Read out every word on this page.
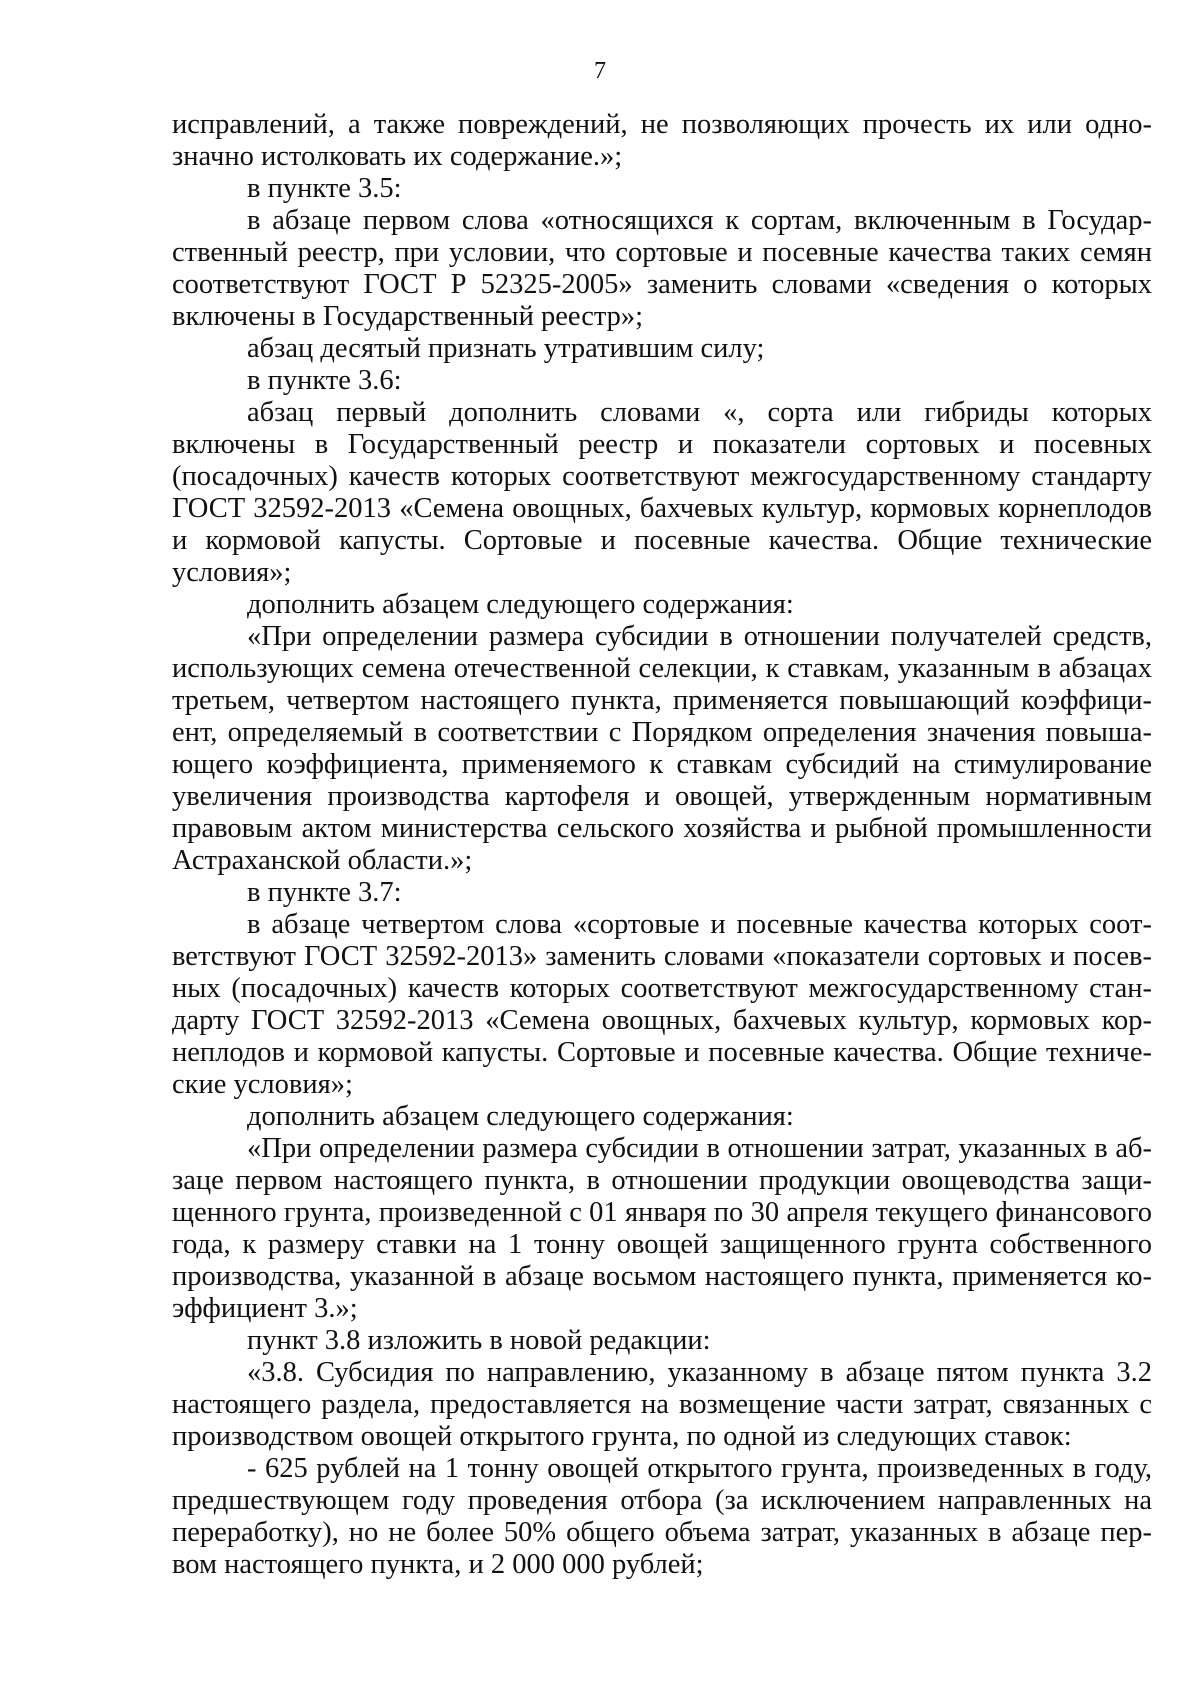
7

исправлений, а также повреждений, не позволяющих прочесть их или однозначно истолковать их содержание.»;

в пункте 3.5:

в абзаце первом слова «относящихся к сортам, включенным в Государственный реестр, при условии, что сортовые и посевные качества таких семян соответствуют ГОСТ Р 52325-2005» заменить словами «сведения о которых включены в Государственный реестр»;

абзац десятый признать утратившим силу;

в пункте 3.6:

абзац первый дополнить словами «, сорта или гибриды которых включены в Государственный реестр и показатели сортовых и посевных (посадочных) качеств которых соответствуют межгосударственному стандарту ГОСТ 32592-2013 «Семена овощных, бахчевых культур, кормовых корнеплодов и кормовой капусты. Сортовые и посевные качества. Общие технические условия»;

дополнить абзацем следующего содержания:

«При определении размера субсидии в отношении получателей средств, использующих семена отечественной селекции, к ставкам, указанным в абзацах третьем, четвертом настоящего пункта, применяется повышающий коэффициент, определяемый в соответствии с Порядком определения значения повышающего коэффициента, применяемого к ставкам субсидий на стимулирование увеличения производства картофеля и овощей, утвержденным нормативным правовым актом министерства сельского хозяйства и рыбной промышленности Астраханской области.»;

в пункте 3.7:

в абзаце четвертом слова «сортовые и посевные качества которых соответствуют ГОСТ 32592-2013» заменить словами «показатели сортовых и посевных (посадочных) качеств которых соответствуют межгосударственному стандарту ГОСТ 32592-2013 «Семена овощных, бахчевых культур, кормовых корнеплодов и кормовой капусты. Сортовые и посевные качества. Общие технические условия»;

дополнить абзацем следующего содержания:

«При определении размера субсидии в отношении затрат, указанных в абзаце первом настоящего пункта, в отношении продукции овощеводства защищенного грунта, произведенной с 01 января по 30 апреля текущего финансового года, к размеру ставки на 1 тонну овощей защищенного грунта собственного производства, указанной в абзаце восьмом настоящего пункта, применяется коэффициент 3.»;

пункт 3.8 изложить в новой редакции:

«3.8. Субсидия по направлению, указанному в абзаце пятом пункта 3.2 настоящего раздела, предоставляется на возмещение части затрат, связанных с производством овощей открытого грунта, по одной из следующих ставок:

- 625 рублей на 1 тонну овощей открытого грунта, произведенных в году, предшествующем году проведения отбора (за исключением направленных на переработку), но не более 50% общего объема затрат, указанных в абзаце первом настоящего пункта, и 2 000 000 рублей;
